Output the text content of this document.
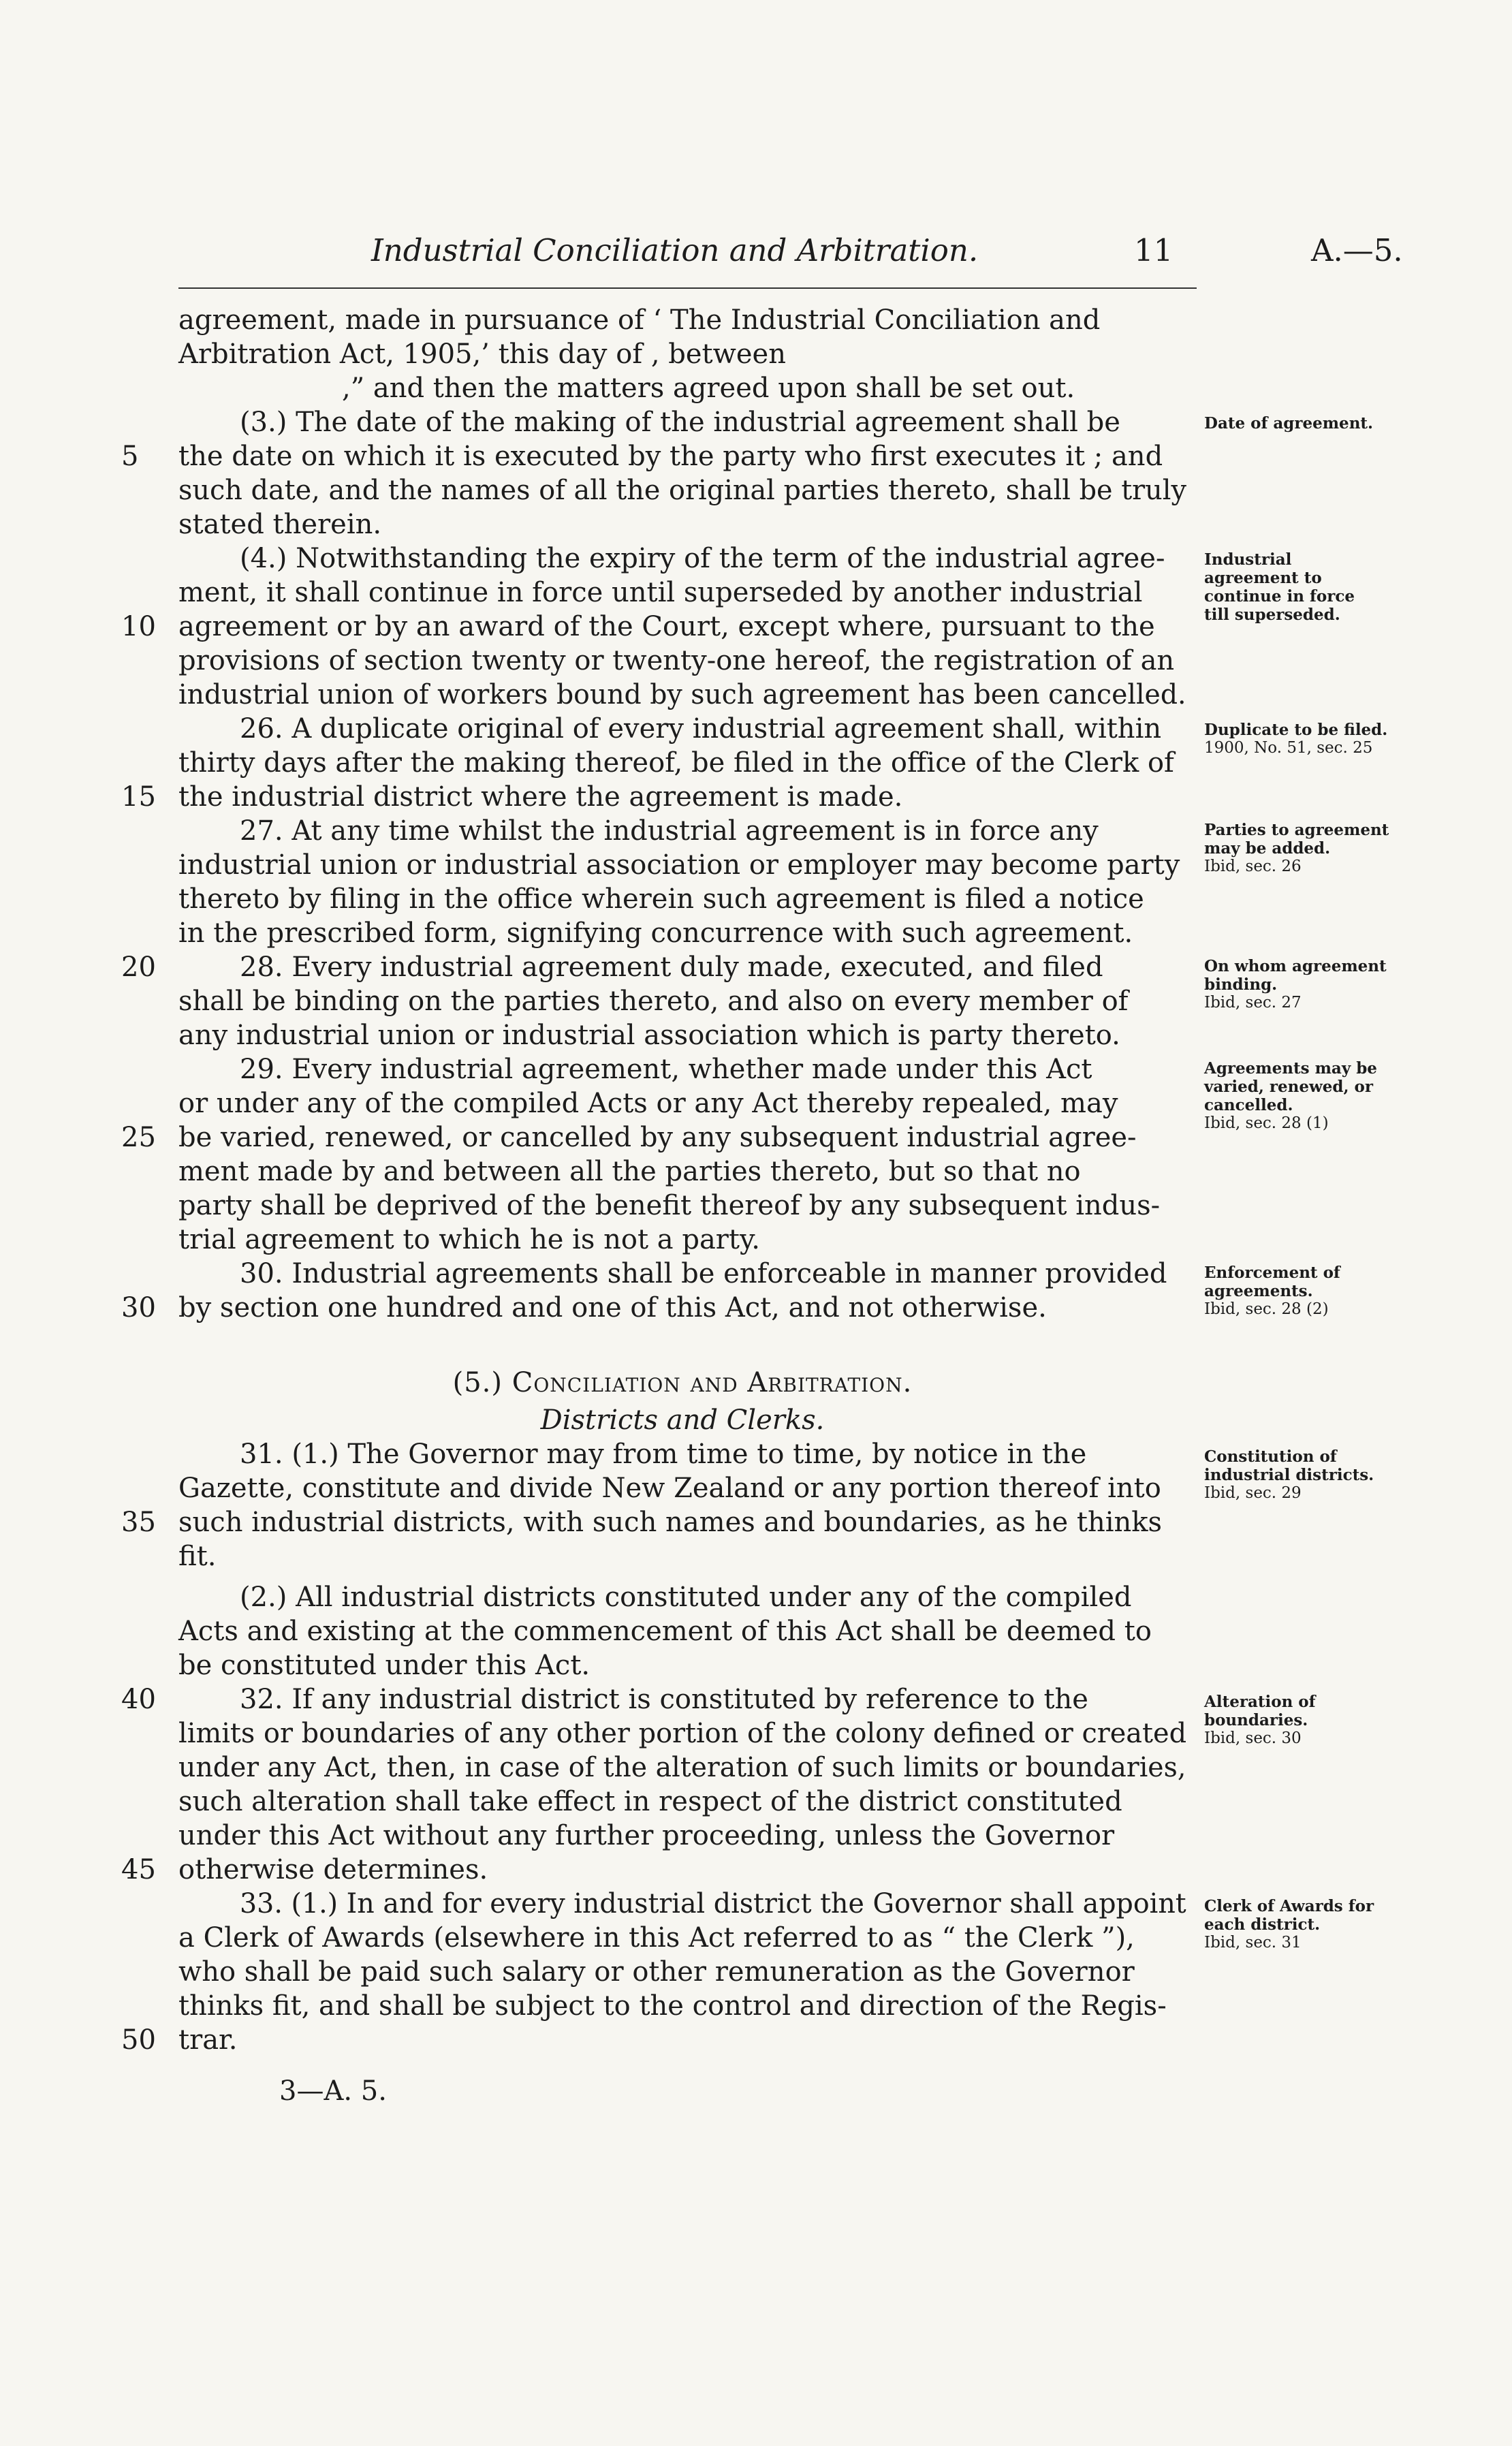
Industrial Conciliation and Arbitration.	11	A.—5.
agreement, made in pursuance of ‘ The Industrial Conciliation and
Arbitration Act, 1905,’ this day of , between
,” and then the matters agreed upon shall be set out.
(3.) The date of the making of the industrial agreement shall be
the date on which it is executed by the party who first executes it ; and
such date, and the names of all the original parties thereto, shall be truly
stated therein.
(4.) Notwithstanding the expiry of the term of the industrial agree-
ment, it shall continue in force until superseded by another industrial
agreement or by an award of the Court, except where, pursuant to the
provisions of section twenty or twenty-one hereof, the registration of an
industrial union of workers bound by such agreement has been cancelled.
26. A duplicate original of every industrial agreement shall, within
thirty days after the making thereof, be filed in the office of the Clerk of
the industrial district where the agreement is made.
27. At any time whilst the industrial agreement is in force any
industrial union or industrial association or employer may become party
thereto by filing in the office wherein such agreement is filed a notice
in the prescribed form, signifying concurrence with such agreement.
28. Every industrial agreement duly made, executed, and filed
shall be binding on the parties thereto, and also on every member of
any industrial union or industrial association which is party thereto.
29. Every industrial agreement, whether made under this Act
or under any of the compiled Acts or any Act thereby repealed, may
be varied, renewed, or cancelled by any subsequent industrial agree-
ment made by and between all the parties thereto, but so that no
party shall be deprived of the benefit thereof by any subsequent indus-
trial agreement to which he is not a party.
30. Industrial agreements shall be enforceable in manner provided
by section one hundred and one of this Act, and not otherwise.
(5.) Conciliation and Arbitration.
Districts and Clerks.
31. (1.) The Governor may from time to time, by notice in the
Gazette, constitute and divide New Zealand or any portion thereof into
such industrial districts, with such names and boundaries, as he thinks
fit.
(2.) All industrial districts constituted under any of the compiled
Acts and existing at the commencement of this Act shall be deemed to
be constituted under this Act.
32. If any industrial district is constituted by reference to the
limits or boundaries of any other portion of the colony defined or created
under any Act, then, in case of the alteration of such limits or boundaries,
such alteration shall take effect in respect of the district constituted
under this Act without any further proceeding, unless the Governor
otherwise determines.
33. (1.) In and for every industrial district the Governor shall appoint
a Clerk of Awards (elsewhere in this Act referred to as “ the Clerk ”),
who shall be paid such salary or other remuneration as the Governor
thinks fit, and shall be subject to the control and direction of the Regis-
trar.
5
10
15
20
25
30
35
40
45
50
Date of agreement.
Industrial
agreement to
continue in force
till superseded.
Duplicate to be filed.
1900, No. 51, sec. 25
Parties to agreement
may be added.
Ibid, sec. 26
On whom agreement
binding.
Ibid, sec. 27
Agreements may be
varied, renewed, or
cancelled.
Ibid, sec. 28 (1)
Enforcement of
agreements.
Ibid, sec. 28 (2)
Constitution of
industrial districts.
Ibid, sec. 29
Alteration of
boundaries.
Ibid, sec. 30
Clerk of Awards for
each district.
Ibid, sec. 31
3—A. 5.
